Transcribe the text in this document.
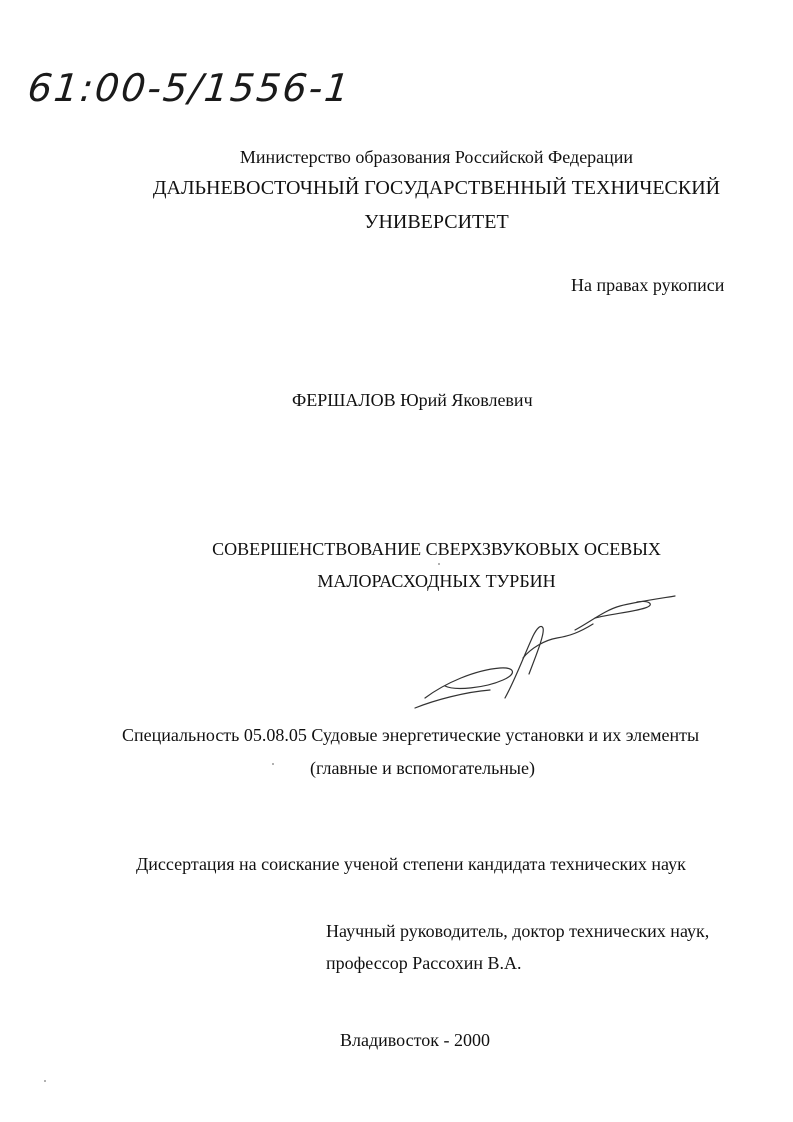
61:00-5/1556-1
Министерство образования Российской Федерации
ДАЛЬНЕВОСТОЧНЫЙ ГОСУДАРСТВЕННЫЙ ТЕХНИЧЕСКИЙ
УНИВЕРСИТЕТ
На правах рукописи
ФЕРШАЛОВ Юрий Яковлевич
СОВЕРШЕНСТВОВАНИЕ СВЕРХЗВУКОВЫХ ОСЕВЫХ
МАЛОРАСХОДНЫХ ТУРБИН
Специальность 05.08.05 Судовые энергетические установки и их элементы
(главные и вспомогательные)
Диссертация на соискание ученой степени кандидата технических наук
Научный руководитель, доктор технических наук,
профессор Рассохин В.А.
Владивосток - 2000
